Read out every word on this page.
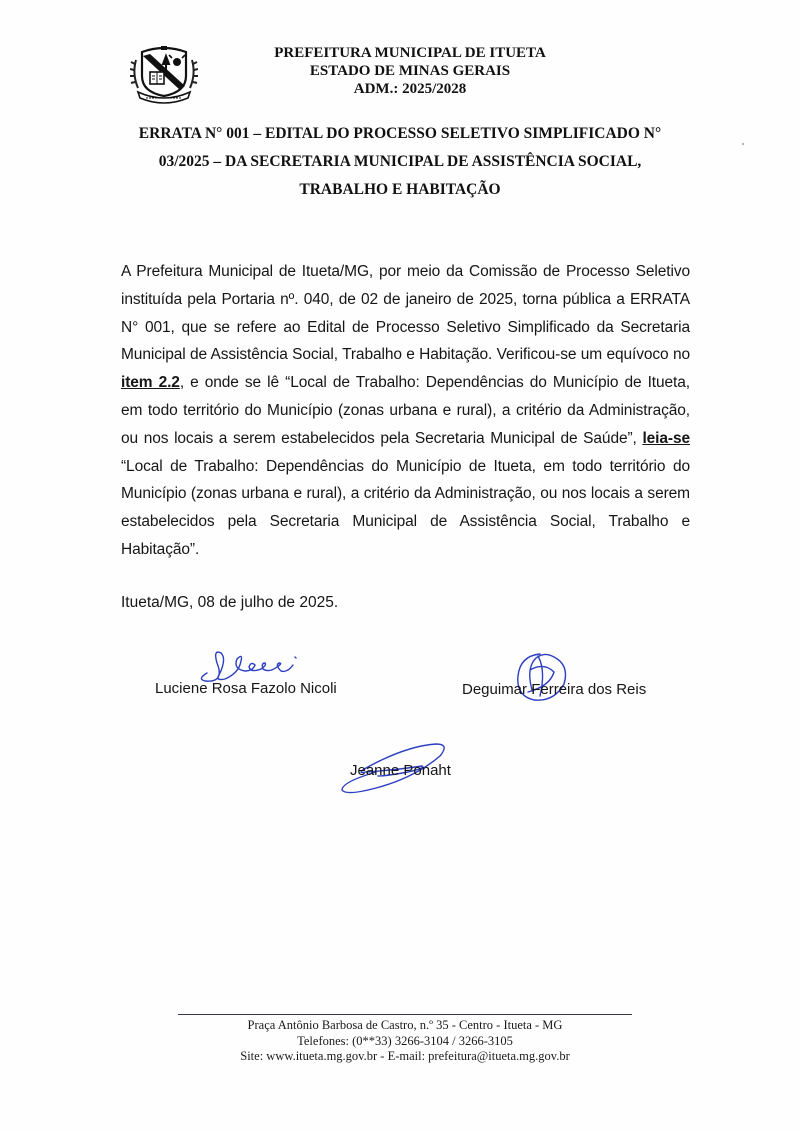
PREFEITURA MUNICIPAL DE ITUETA
ESTADO DE MINAS GERAIS
ADM.: 2025/2028
ERRATA N° 001 – EDITAL DO PROCESSO SELETIVO SIMPLIFICADO N°
03/2025 – DA SECRETARIA MUNICIPAL DE ASSISTÊNCIA SOCIAL,
TRABALHO E HABITAÇÃO
A Prefeitura Municipal de Itueta/MG, por meio da Comissão de Processo Seletivo instituída pela Portaria nº. 040, de 02 de janeiro de 2025, torna pública a ERRATA N° 001, que se refere ao Edital de Processo Seletivo Simplificado da Secretaria Municipal de Assistência Social, Trabalho e Habitação. Verificou-se um equívoco no item 2.2, e onde se lê “Local de Trabalho: Dependências do Município de Itueta, em todo território do Município (zonas urbana e rural), a critério da Administração, ou nos locais a serem estabelecidos pela Secretaria Municipal de Saúde”, leia-se “Local de Trabalho: Dependências do Município de Itueta, em todo território do Município (zonas urbana e rural), a critério da Administração, ou nos locais a serem estabelecidos pela Secretaria Municipal de Assistência Social, Trabalho e Habitação”.
Itueta/MG, 08 de julho de 2025.
Luciene Rosa Fazolo Nicoli	Deguimar Ferreira dos Reis
Jeanne Ponaht
Praça Antônio Barbosa de Castro, n.º 35 - Centro - Itueta - MG
Telefones: (0**33) 3266-3104 / 3266-3105
Site: www.itueta.mg.gov.br - E-mail: prefeitura@itueta.mg.gov.br
